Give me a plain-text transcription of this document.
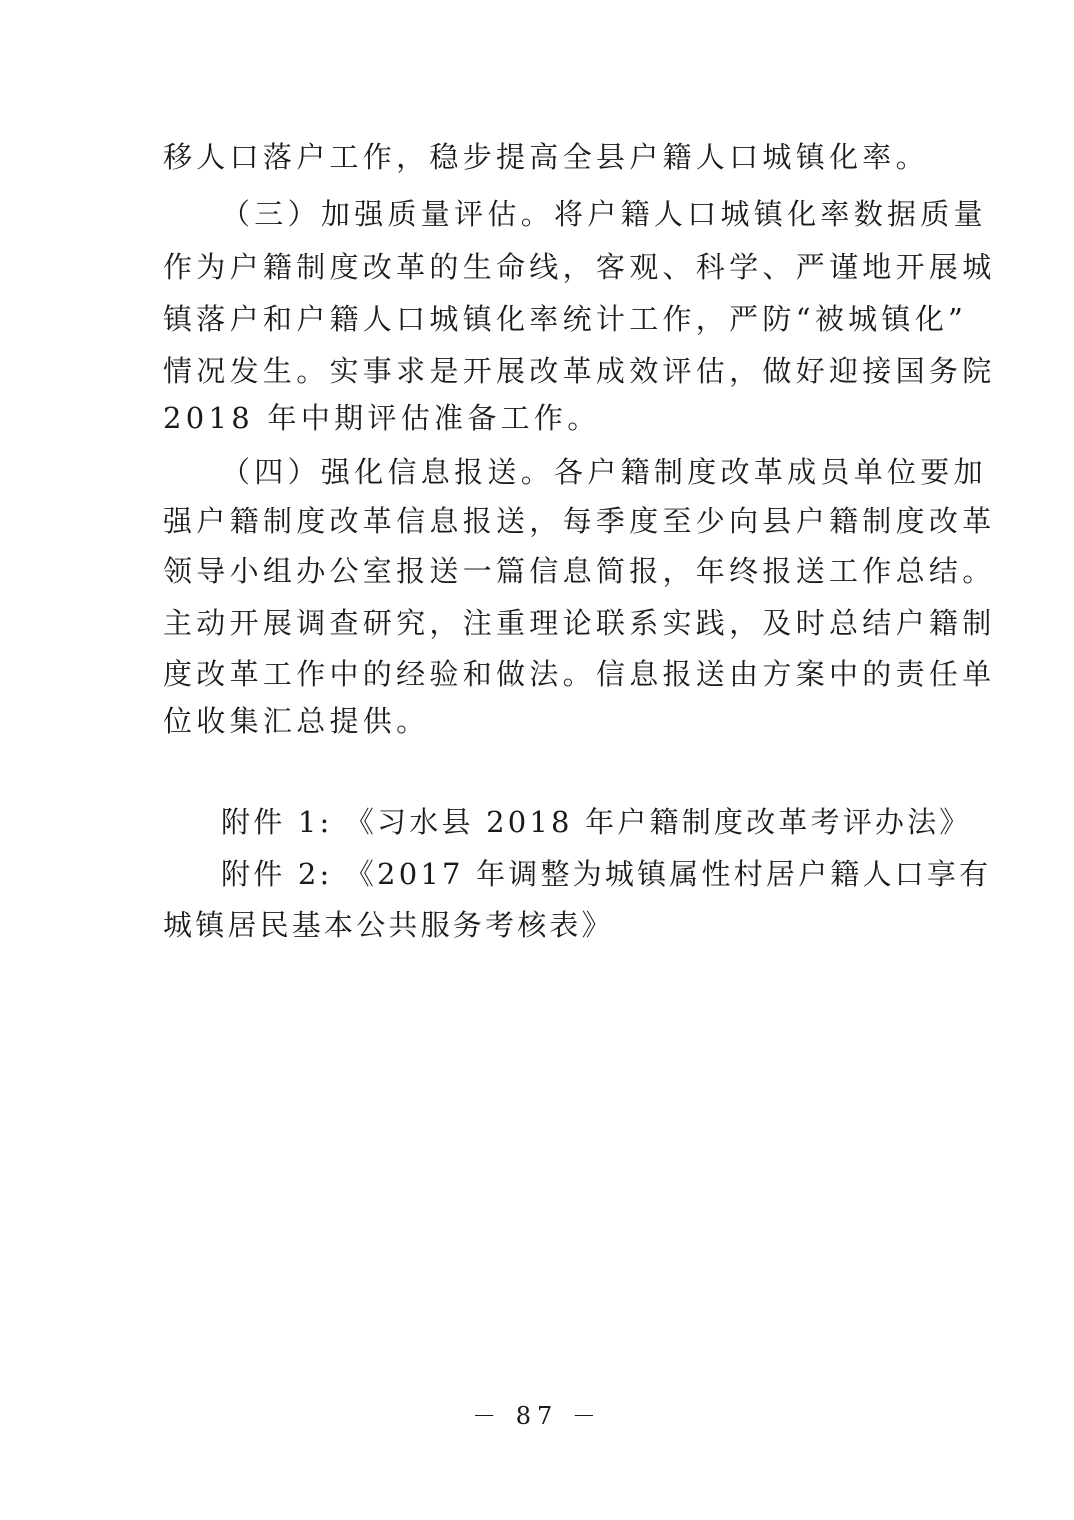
移人口落户工作，稳步提高全县户籍人口城镇化率。
（三）加强质量评估。将户籍人口城镇化率数据质量
作为户籍制度改革的生命线，客观、科学、严谨地开展城
镇落户和户籍人口城镇化率统计工作，严防“被城镇化”
情况发生。实事求是开展改革成效评估，做好迎接国务院
2018 年中期评估准备工作。
（四）强化信息报送。各户籍制度改革成员单位要加
强户籍制度改革信息报送，每季度至少向县户籍制度改革
领导小组办公室报送一篇信息简报，年终报送工作总结。
主动开展调查研究，注重理论联系实践，及时总结户籍制
度改革工作中的经验和做法。信息报送由方案中的责任单
位收集汇总提供。
附件 1: 《习水县 2018 年户籍制度改革考评办法》
附件 2: 《2017 年调整为城镇属性村居户籍人口享有
城镇居民基本公共服务考核表》
－ 87 －
